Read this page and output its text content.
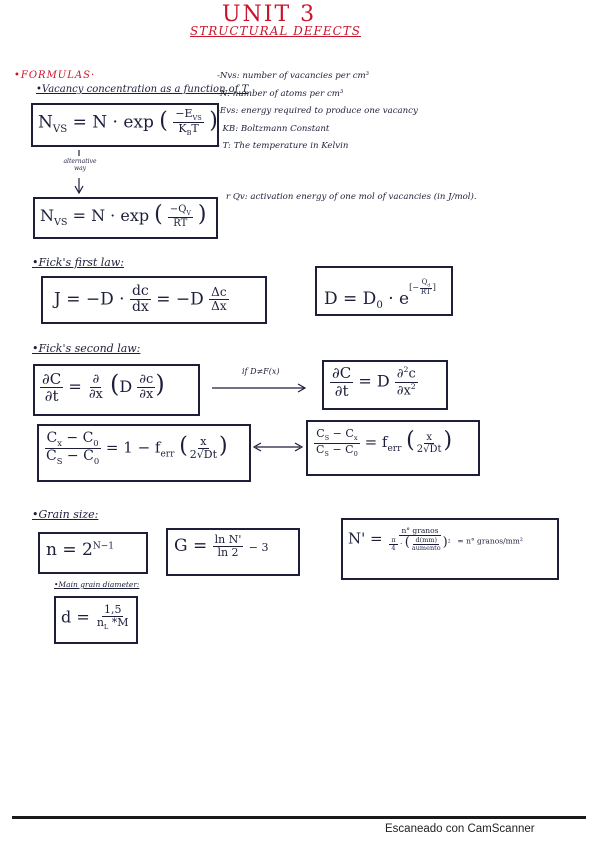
UNIT 3
STRUCTURAL DEFECTS
•FORMULAS·
•Vacancy concentration as a function of T
$N_{VS} = N \cdot \exp$ ( $\frac{-E_{VS}}{K_BT}$ )
-Nvs: number of vacancies per cm³
-N: number of atoms per cm³
-Evs: energy required to produce one vacancy
· KB: Boltzmann Constant
- T: The temperature in Kelvin
alternative way
$N_{VS} = N \cdot \exp$ ( $\frac{-Q_V}{RT}$ )
r Qv: activation energy of one mol of vacancies (in J/mol).
•Fick's first law:
$J = -D \cdot \frac{dc}{dx} = -D \frac{\Delta c}{\Delta x}$	$D = D_0 \cdot e[- Qd RT ]$
•Fick's second law:
$\frac{\partial C}{\partial t} = \frac{\partial}{\partial x} (D \frac{\partial c}{\partial x}$ )	if D≠F(x)	$\frac{\partial C}{\partial t} = D \frac{\partial^2c}{\partial x^2}$
$\frac{C_x - C_0}{C_S - C_0} = 1 - f_{err}$ ( $\frac{x}{2√Dt}$ )	$\frac{C_S - C_x}{C_S - C_0} = f_{err}$ ( $\frac{x}{2√Dt}$ )
•Grain size:
$n = 2^{N-1}$	$G = \frac{\text{ln N'}}{\ln 2} - 3$
$N' = \frac{\text{n° granos}}{\frac{\pi}{4} \cdot ( \frac{d(mm)}{\text{aumento}} )^2} = n^\circ$ granos/mm²
•Main grain diameter:
$d = \frac{1,5}{n_L *M}$
Escaneado con CamScanner
